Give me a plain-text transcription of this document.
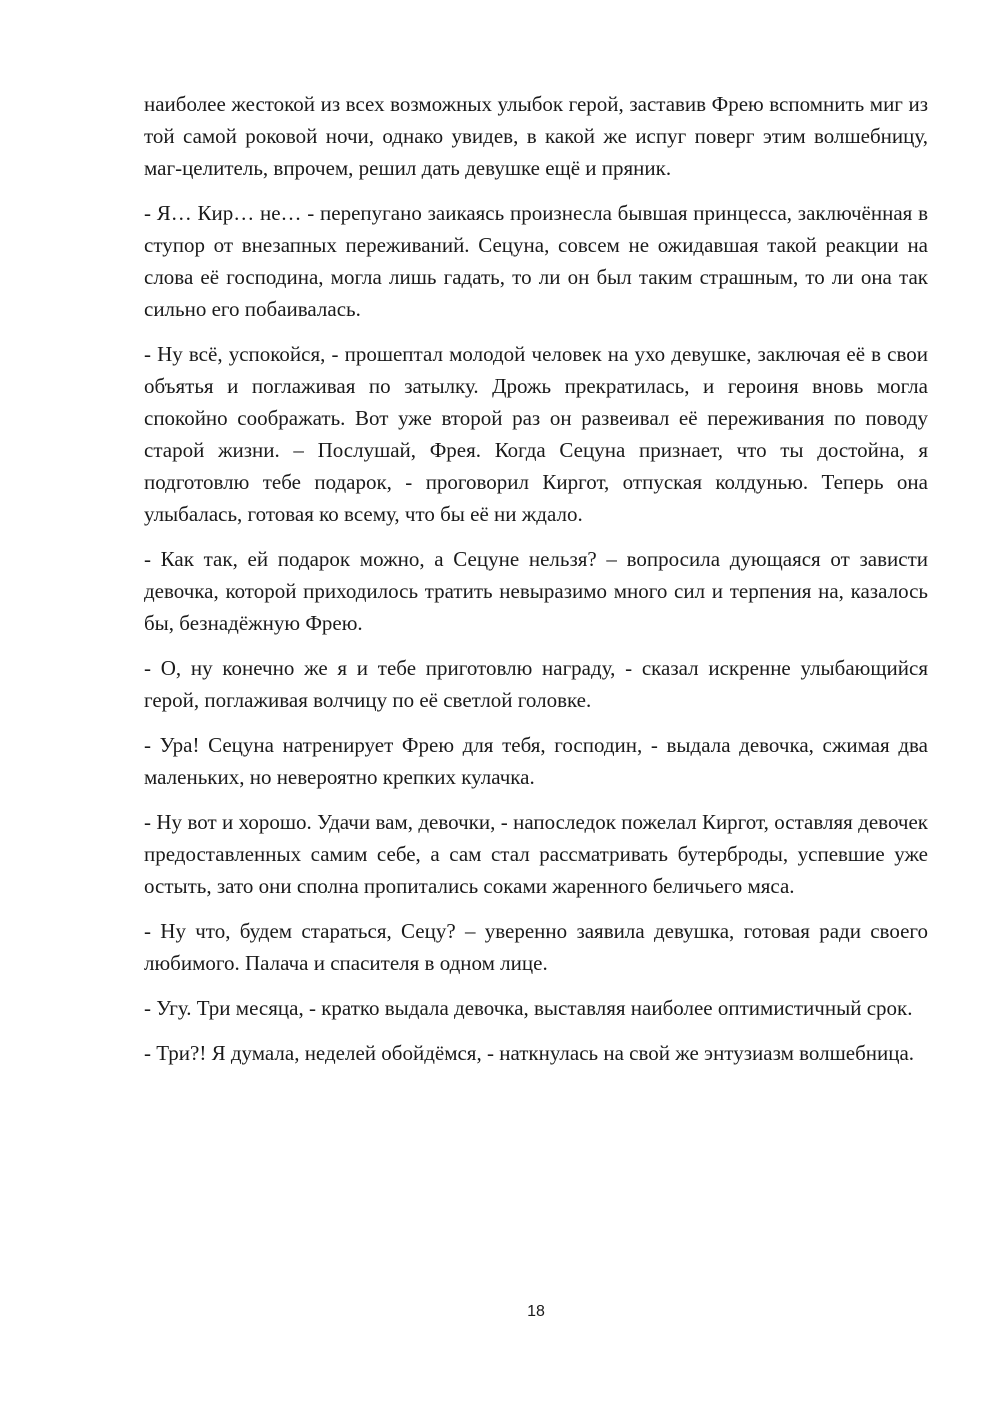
наиболее жестокой из всех возможных улыбок герой, заставив Фрею вспомнить миг из той самой роковой ночи, однако увидев, в какой же испуг поверг этим волшебницу, маг-целитель, впрочем, решил дать девушке ещё и пряник.

- Я… Кир… не… - перепугано заикаясь произнесла бывшая принцесса, заключённая в ступор от внезапных переживаний. Сецуна, совсем не ожидавшая такой реакции на слова её господина, могла лишь гадать, то ли он был таким страшным, то ли она так сильно его побаивалась.

- Ну всё, успокойся, - прошептал молодой человек на ухо девушке, заключая её в свои объятья и поглаживая по затылку. Дрожь прекратилась, и героиня вновь могла спокойно соображать. Вот уже второй раз он развеивал её переживания по поводу старой жизни. – Послушай, Фрея. Когда Сецуна признает, что ты достойна, я подготовлю тебе подарок, - проговорил Киргот, отпуская колдунью. Теперь она улыбалась, готовая ко всему, что бы её ни ждало.

- Как так, ей подарок можно, а Сецуне нельзя? – вопросила дующаяся от зависти девочка, которой приходилось тратить невыразимо много сил и терпения на, казалось бы, безнадёжную Фрею.

- О, ну конечно же я и тебе приготовлю награду, - сказал искренне улыбающийся герой, поглаживая волчицу по её светлой головке.

- Ура! Сецуна натренирует Фрею для тебя, господин, - выдала девочка, сжимая два маленьких, но невероятно крепких кулачка.

- Ну вот и хорошо. Удачи вам, девочки, - напоследок пожелал Киргот, оставляя девочек предоставленных самим себе, а сам стал рассматривать бутерброды, успевшие уже остыть, зато они сполна пропитались соками жаренного беличьего мяса.

- Ну что, будем стараться, Сецу? – уверенно заявила девушка, готовая ради своего любимого. Палача и спасителя в одном лице.

- Угу. Три месяца, - кратко выдала девочка, выставляя наиболее оптимистичный срок.

- Три?! Я думала, неделей обойдёмся, - наткнулась на свой же энтузиазм волшебница.

18
